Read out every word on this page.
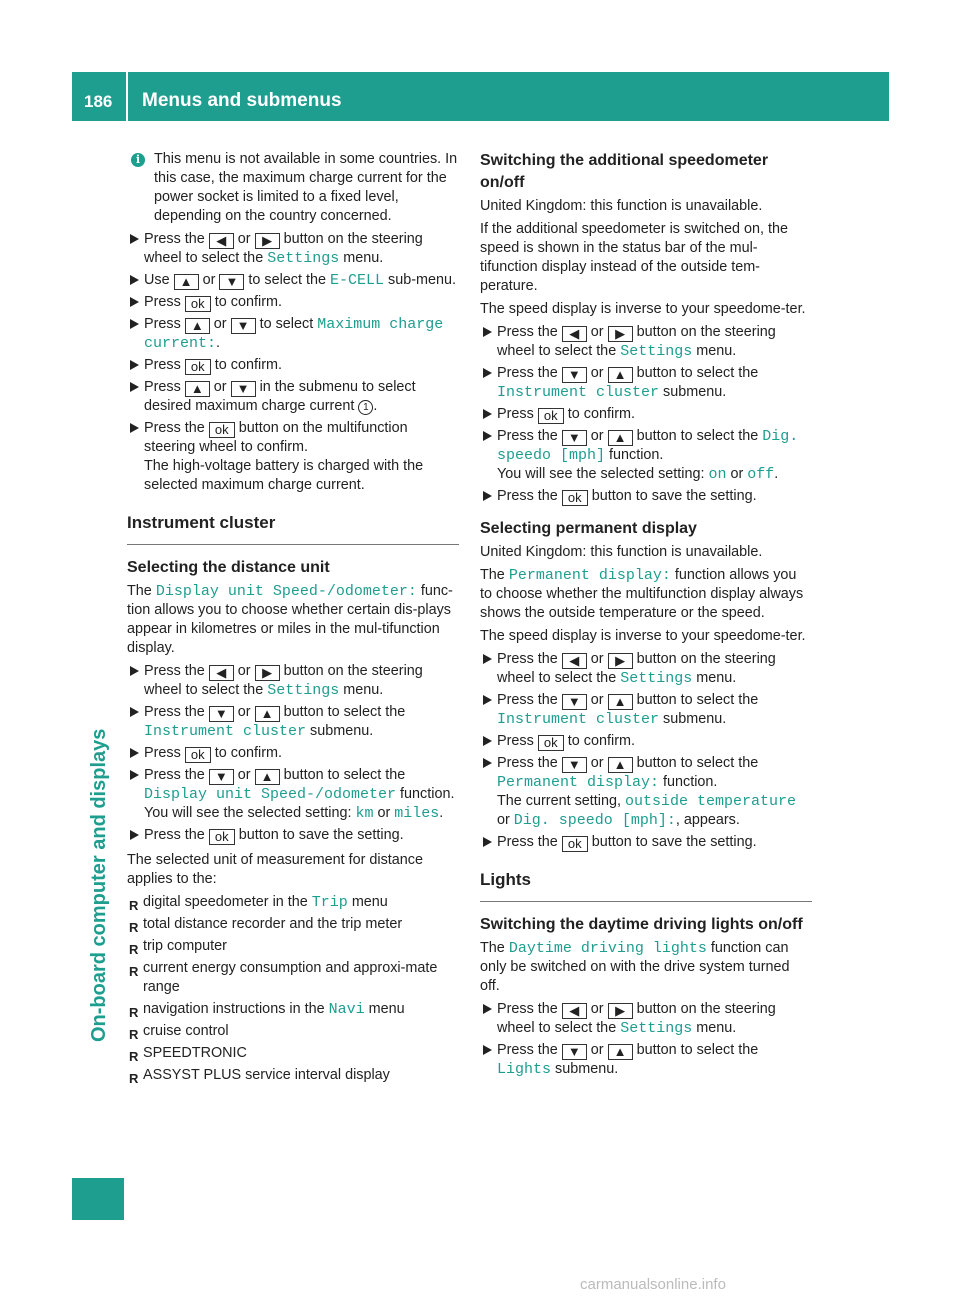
186 Menus and submenus
On-board computer and displays

i This menu is not available in some countries. In this case, the maximum charge current for the power socket is limited to a fixed level, depending on the country concerned.

Press the ◀ or ▶ button on the steering wheel to select the Settings menu.
Use ▲ or ▼ to select the E-CELL sub-menu.
Press ok to confirm.
Press ▲ or ▼ to select Maximum charge current:.
Press ok to confirm.
Press ▲ or ▼ in the submenu to select desired maximum charge current 1 .
Press the ok button on the multifunction steering wheel to confirm.
The high-voltage battery is charged with the selected maximum charge current.
Instrument cluster
Selecting the distance unit

The Display unit Speed-/odometer: func-tion allows you to choose whether certain dis-plays appear in kilometres or miles in the mul-tifunction display.

Press the ◀ or ▶ button on the steering wheel to select the Settings menu.
Press the ▼ or ▲ button to select the Instrument cluster submenu.
Press ok to confirm.
Press the ▼ or ▲ button to select the Display unit Speed-/odometer function.
You will see the selected setting: km or miles.
Press the ok button to save the setting.

The selected unit of measurement for distance applies to the:

R digital speedometer in the Trip menu
R total distance recorder and the trip meter
R trip computer
R current energy consumption and approxi-mate range
R navigation instructions in the Navi menu
R cruise control
R SPEEDTRONIC
R ASSYST PLUS service interval display
Switching the additional speedometer on/off

United Kingdom: this function is unavailable.

If the additional speedometer is switched on, the speed is shown in the status bar of the mul-tifunction display instead of the outside tem-perature.

The speed display is inverse to your speedome-ter.

Press the ◀ or ▶ button on the steering wheel to select the Settings menu.
Press the ▼ or ▲ button to select the Instrument cluster submenu.
Press ok to confirm.
Press the ▼ or ▲ button to select the Dig. speedo [mph] function.
You will see the selected setting: on or off.
Press the ok button to save the setting.
Selecting permanent display

United Kingdom: this function is unavailable.

The Permanent display: function allows you to choose whether the multifunction display always shows the outside temperature or the speed.

The speed display is inverse to your speedome-ter.

Press the ◀ or ▶ button on the steering wheel to select the Settings menu.
Press the ▼ or ▲ button to select the Instrument cluster submenu.
Press ok to confirm.
Press the ▼ or ▲ button to select the Permanent display: function.
The current setting, outside temperature
or Dig. speedo [mph]:, appears.
Press the ok button to save the setting.
Lights
Switching the daytime driving lights on/off

The Daytime driving lights function can only be switched on with the drive system turned off.

Press the ◀ or ▶ button on the steering wheel to select the Settings menu.
Press the ▼ or ▲ button to select the Lights submenu.
carmanualsonline.info
